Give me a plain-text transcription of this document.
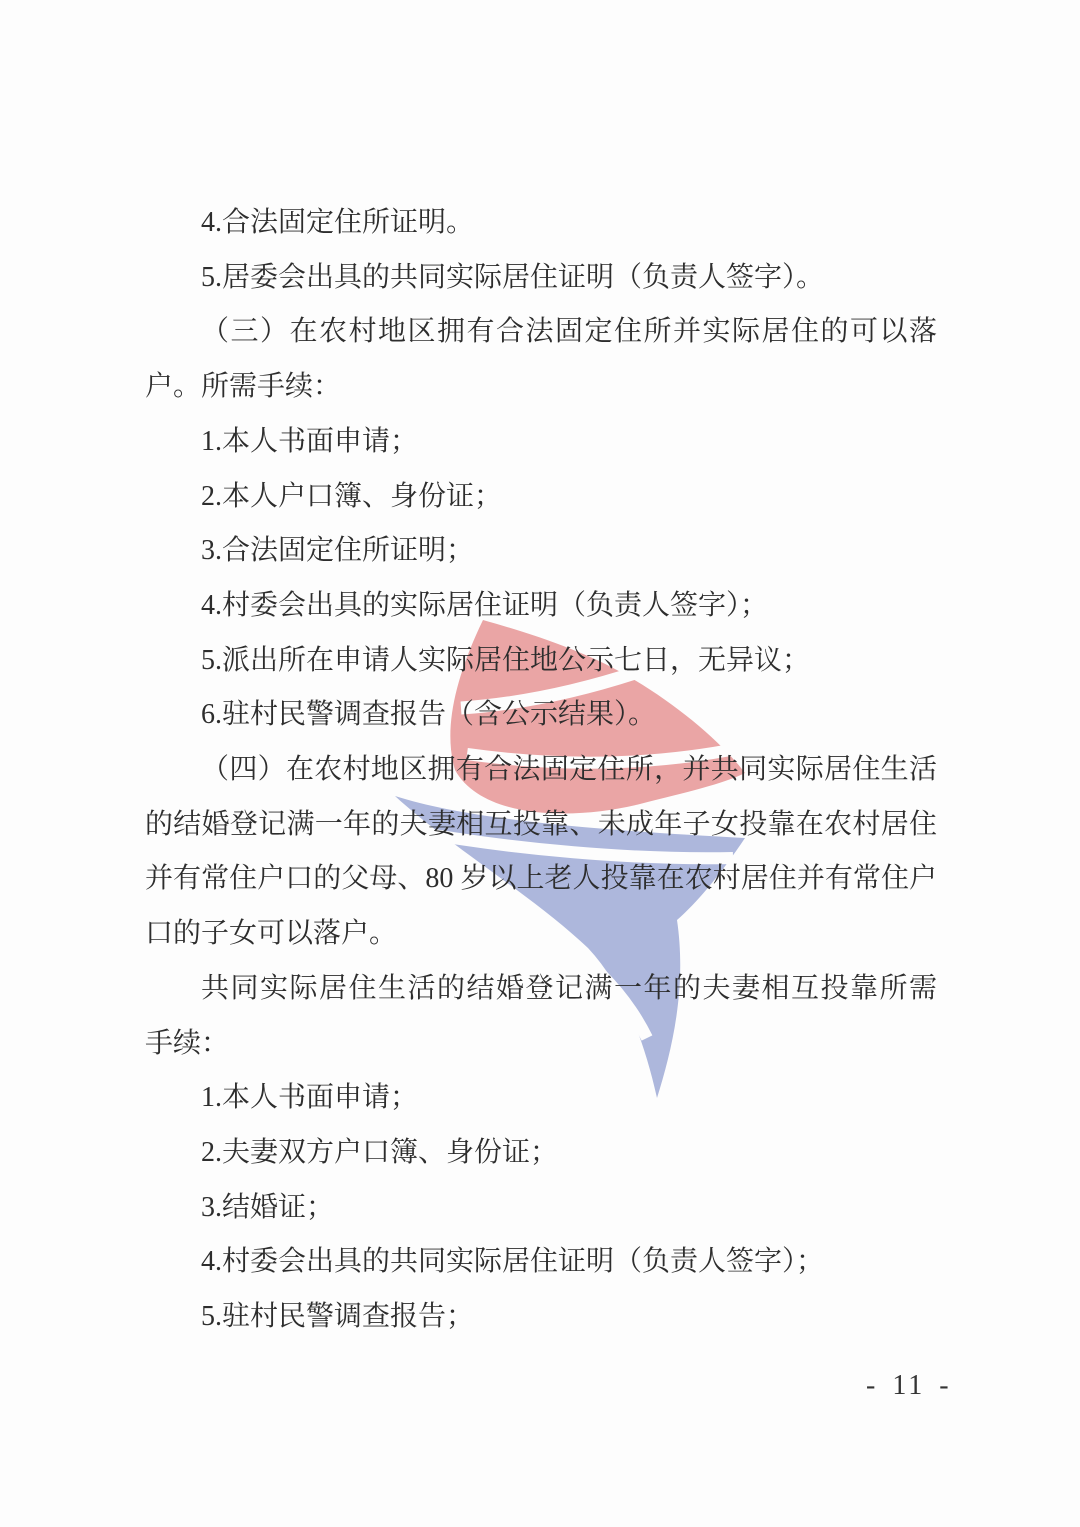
4.合法固定住所证明。
5.居委会出具的共同实际居住证明（负责人签字）。
（三）在农村地区拥有合法固定住所并实际居住的可以落
户。所需手续：
1.本人书面申请；
2.本人户口簿、身份证；
3.合法固定住所证明；
4.村委会出具的实际居住证明（负责人签字）；
5.派出所在申请人实际居住地公示七日，无异议；
6.驻村民警调查报告（含公示结果）。
（四）在农村地区拥有合法固定住所，并共同实际居住生活
的结婚登记满一年的夫妻相互投靠、未成年子女投靠在农村居住
并有常住户口的父母、80 岁以上老人投靠在农村居住并有常住户
口的子女可以落户。
共同实际居住生活的结婚登记满一年的夫妻相互投靠所需
手续：
1.本人书面申请；
2.夫妻双方户口簿、身份证；
3.结婚证；
4.村委会出具的共同实际居住证明（负责人签字）；
5.驻村民警调查报告；
- 11 -
